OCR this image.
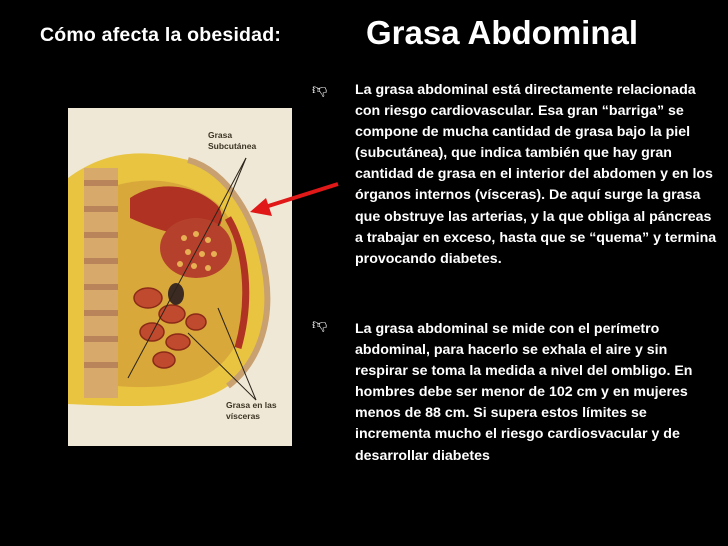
Cómo afecta la obesidad:	Grasa Abdominal
Grasa
Subcutánea
Grasa en las
vísceras
👎︎ La grasa abdominal está directamente relacionada con riesgo cardiovascular. Esa gran “barriga” se compone de mucha cantidad de grasa bajo la piel (subcutánea), que indica también que hay gran cantidad de grasa en el interior del abdomen y en los órganos internos (vísceras). De aquí surge la grasa que obstruye las arterias, y la que obliga al páncreas a trabajar en exceso, hasta que se “quema” y termina provocando diabetes.

👎︎ La grasa abdominal se mide con el perímetro abdominal, para hacerlo se exhala el aire y sin respirar se toma la medida a nivel del ombligo. En hombres debe ser menor de 102 cm y en mujeres menos de 88 cm. Si supera estos límites se incrementa mucho el riesgo cardiosvacular y de desarrollar diabetes
